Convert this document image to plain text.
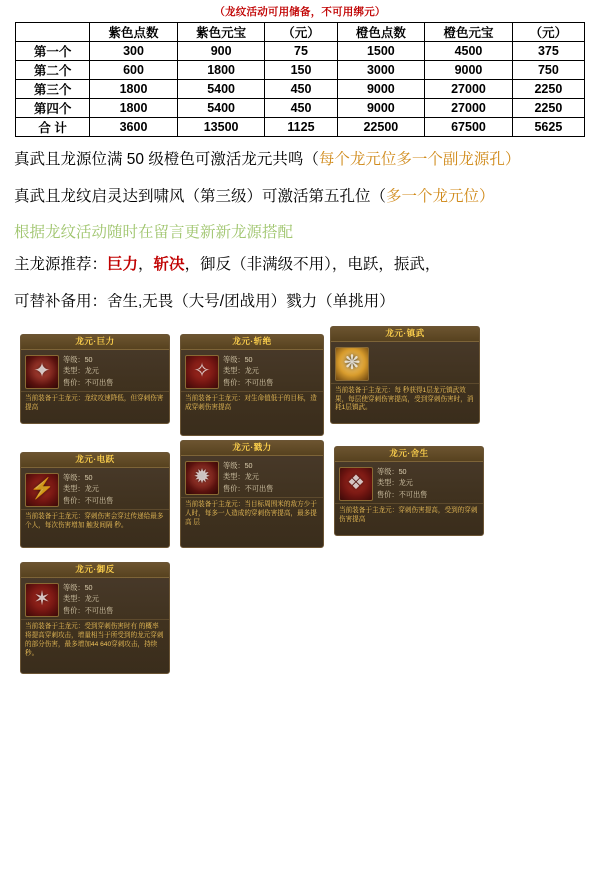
（龙纹活动可用储备，不可用绑元）
	紫色点数	紫色元宝	（元）	橙色点数	橙色元宝	（元）
第一个	300	900	75	1500	4500	375
第二个	600	1800	150	3000	9000	750
第三个	1800	5400	450	9000	27000	2250
第四个	1800	5400	450	9000	27000	2250
合 计	3600	13500	1125	22500	67500	5625
真武且龙源位满 50 级橙色可激活龙元共鸣（每个龙元位多一个副龙源孔）
真武且龙纹启灵达到啸风（第三级）可激活第五孔位（多一个龙元位）
根据龙纹活动随时在留言更新新龙源搭配
主龙源推荐：巨力，斩决，御反（非满级不用），电跃，振武，
可替补备用：舍生,无畏（大号/团战用）戮力（单挑用）
龙元·巨力
✦
等级：50
类型：龙元
售价：不可出售
当前装备于主龙元：龙纹攻速降低，但穿刺伤害提高
龙元·斩绝
✧
等级：50
类型：龙元
售价：不可出售
当前装备于主龙元：对生命值低于的目标，造成穿刺伤害提高
龙元·镇武
❋
当前装备于主龙元：每 秒获得1层龙元镇武效果，每层使穿刺伤害提高，受到穿刺伤害时，消耗1层镇武。
龙元·电跃
⚡
等级：50
类型：龙元
售价：不可出售
当前装备于主龙元：穿刺伤害会穿过传递给最多个人，每次伤害增加 触发间隔 秒。
龙元·戮力
✹
等级：50
类型：龙元
售价：不可出售
当前装备于主龙元：当目标周围米的敌方少于 人时，每多一人造成的穿刺伤害提高，最多提高 层
龙元·舍生
❖
等级：50
类型：龙元
售价：不可出售
当前装备于主龙元：穿刺伤害提高，受到的穿刺伤害提高
龙元·御反
✶
等级：50
类型：龙元
售价：不可出售
当前装备于主龙元：受到穿刺伤害时有 的概率将提高穿刺攻击，增量相当于所受到的龙元穿刺的部分伤害，最多增加44 640穿刺攻击，持续 秒。
